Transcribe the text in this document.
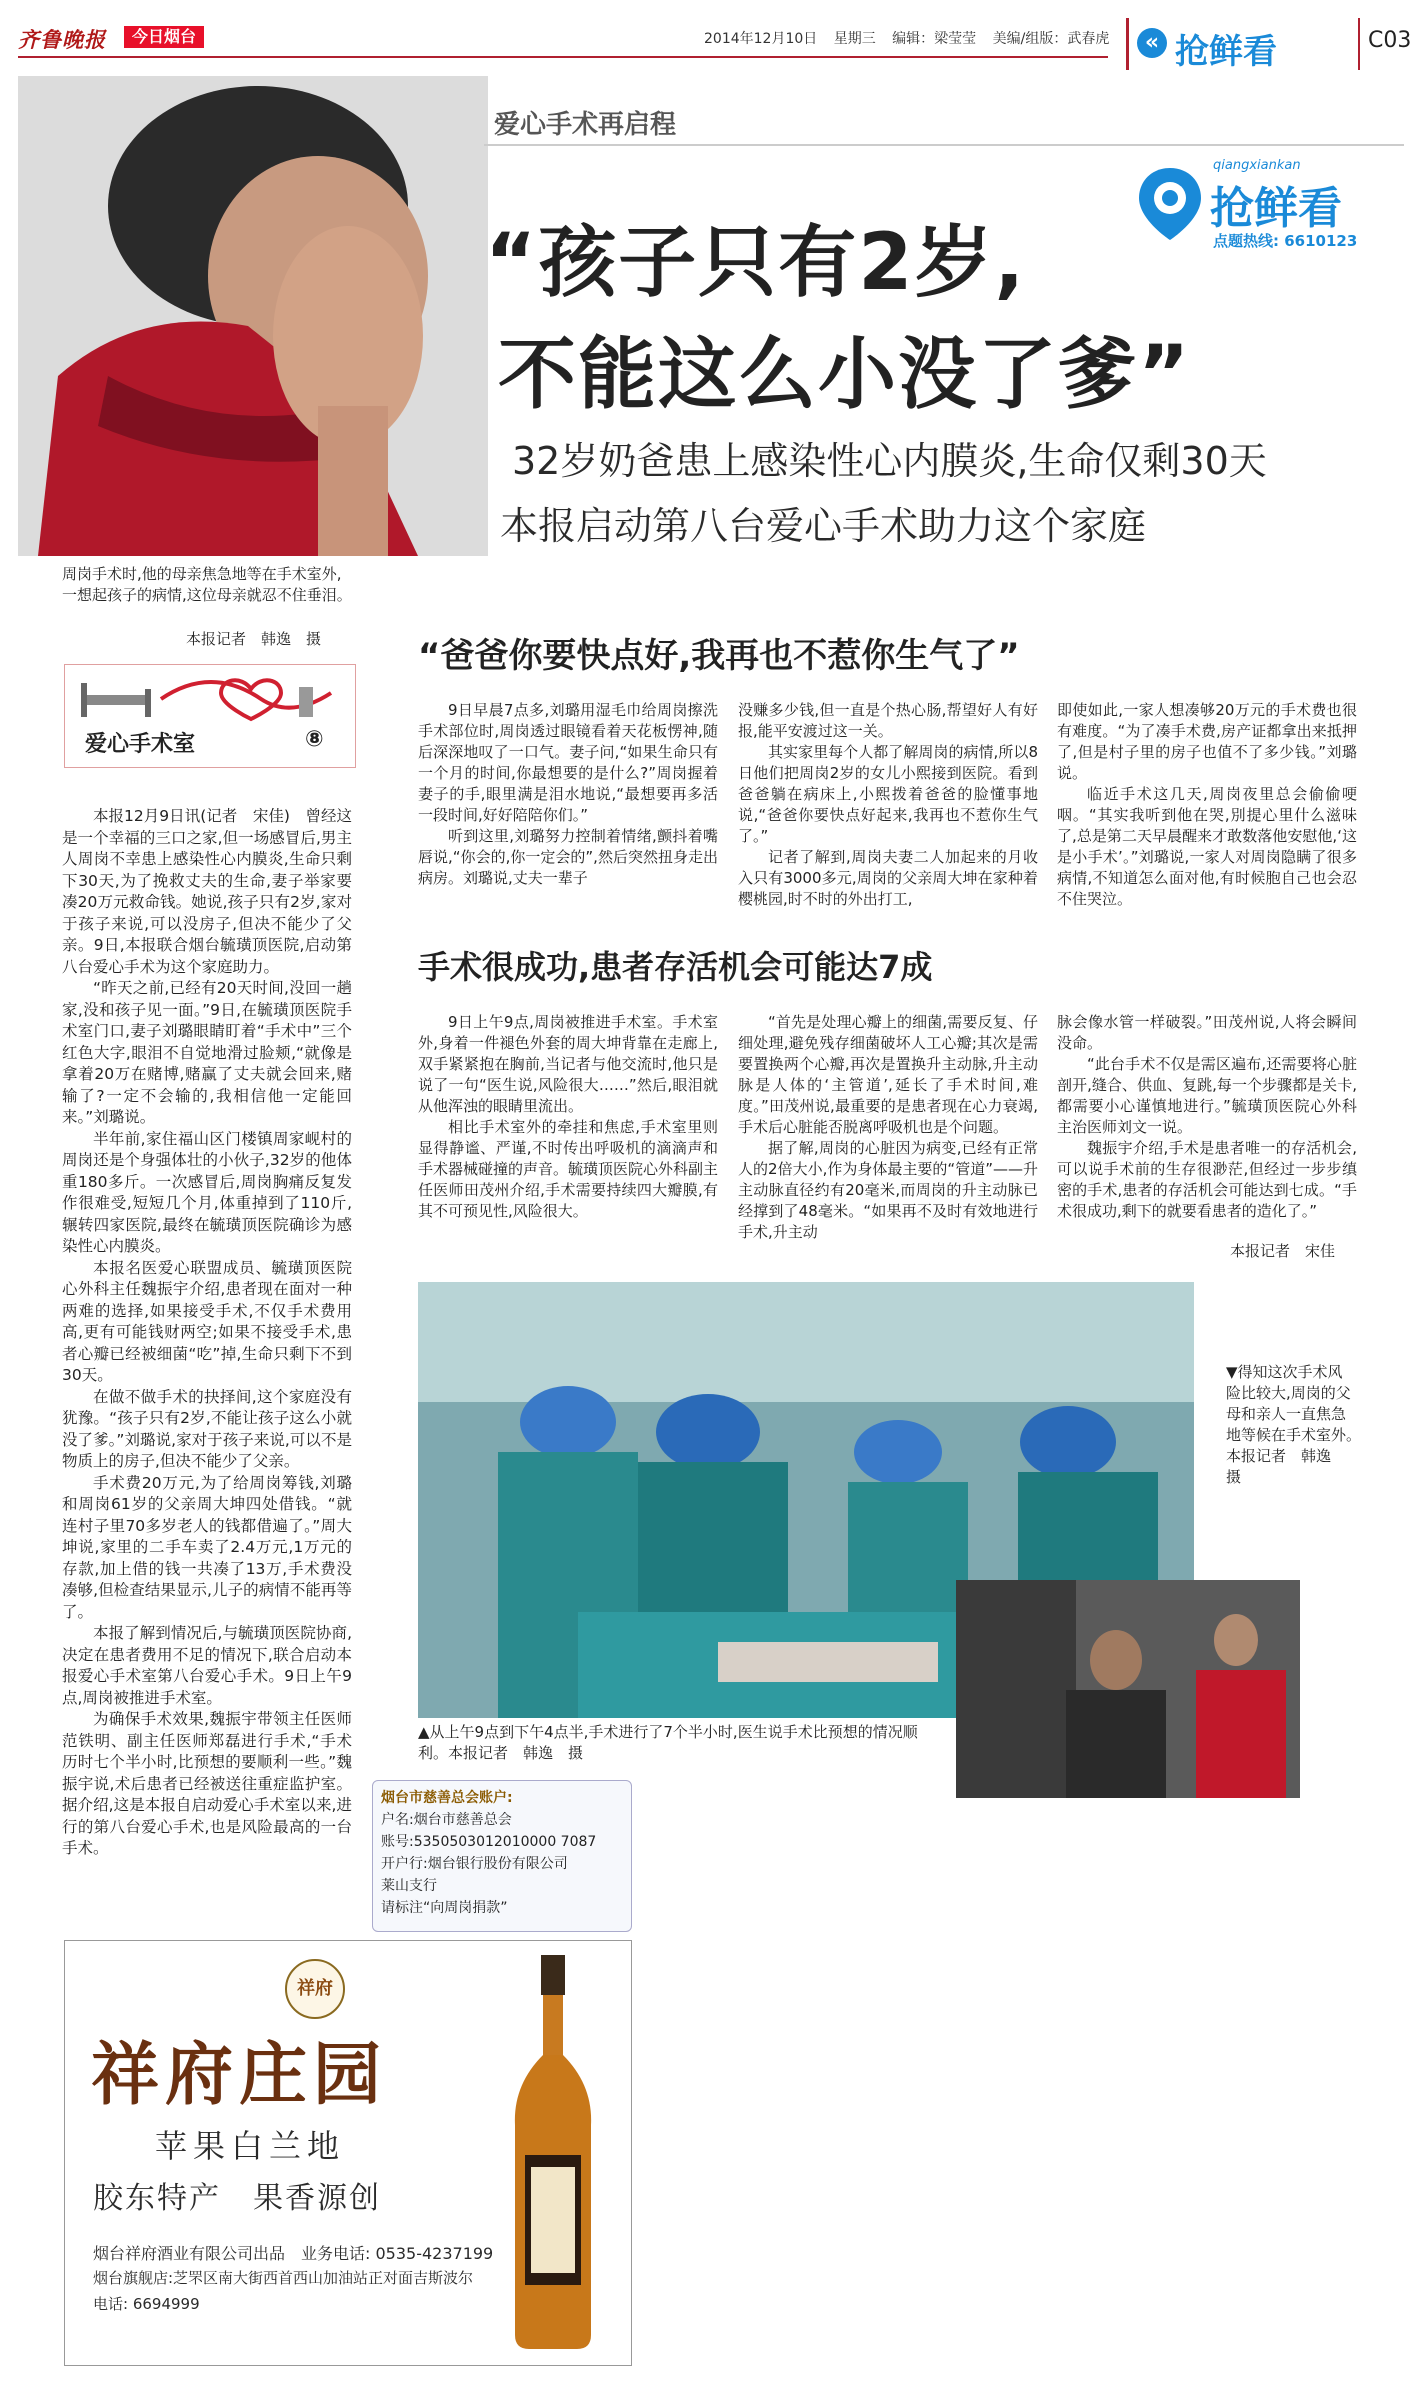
齐鲁晚报	今日烟台	2014年12月10日 星期三 编辑：梁莹莹 美编/组版：武春虎	« 抢鲜看	C03
爱心手术再启程
qiangxiankan
抢鲜看
点题热线: 6610123
“孩子只有2岁,
不能这么小没了爹”
32岁奶爸患上感染性心内膜炎,生命仅剩30天
本报启动第八台爱心手术助力这个家庭
周岗手术时,他的母亲焦急地等在手术室外,一想起孩子的病情,这位母亲就忍不住垂泪。
本报记者　韩逸　摄
爱心手术室	⑧

本报12月9日讯(记者　宋佳)　曾经这是一个幸福的三口之家,但一场感冒后,男主人周岗不幸患上感染性心内膜炎,生命只剩下30天,为了挽救丈夫的生命,妻子举家要凑20万元救命钱。她说,孩子只有2岁,家对于孩子来说,可以没房子,但决不能少了父亲。9日,本报联合烟台毓璜顶医院,启动第八台爱心手术为这个家庭助力。

“昨天之前,已经有20天时间,没回一趟家,没和孩子见一面。”9日,在毓璜顶医院手术室门口,妻子刘璐眼睛盯着“手术中”三个红色大字,眼泪不自觉地滑过脸颊,“就像是拿着20万在赌博,赌赢了丈夫就会回来,赌输了?一定不会输的,我相信他一定能回来。”刘璐说。

半年前,家住福山区门楼镇周家岘村的周岗还是个身强体壮的小伙子,32岁的他体重180多斤。一次感冒后,周岗胸痛反复发作很难受,短短几个月,体重掉到了110斤,辗转四家医院,最终在毓璜顶医院确诊为感染性心内膜炎。

本报名医爱心联盟成员、毓璜顶医院心外科主任魏振宇介绍,患者现在面对一种两难的选择,如果接受手术,不仅手术费用高,更有可能钱财两空;如果不接受手术,患者心瓣已经被细菌“吃”掉,生命只剩下不到30天。

在做不做手术的抉择间,这个家庭没有犹豫。“孩子只有2岁,不能让孩子这么小就没了爹。”刘璐说,家对于孩子来说,可以不是物质上的房子,但决不能少了父亲。

手术费20万元,为了给周岗筹钱,刘璐和周岗61岁的父亲周大坤四处借钱。“就连村子里70多岁老人的钱都借遍了。”周大坤说,家里的二手车卖了2.4万元,1万元的存款,加上借的钱一共凑了13万,手术费没凑够,但检查结果显示,儿子的病情不能再等了。

本报了解到情况后,与毓璜顶医院协商,决定在患者费用不足的情况下,联合启动本报爱心手术室第八台爱心手术。9日上午9点,周岗被推进手术室。

为确保手术效果,魏振宇带领主任医师范铁明、副主任医师郑磊进行手术,“手术历时七个半小时,比预想的要顺利一些。”魏振宇说,术后患者已经被送往重症监护室。据介绍,这是本报自启动爱心手术室以来,进行的第八台爱心手术,也是风险最高的一台手术。

“爸爸你要快点好,我再也不惹你生气了”

9日早晨7点多,刘璐用湿毛巾给周岗擦洗手术部位时,周岗透过眼镜看着天花板愣神,随后深深地叹了一口气。妻子问,“如果生命只有一个月的时间,你最想要的是什么?”周岗握着妻子的手,眼里满是泪水地说,“最想要再多活一段时间,好好陪陪你们。”

听到这里,刘璐努力控制着情绪,颤抖着嘴唇说,“你会的,你一定会的”,然后突然扭身走出病房。刘璐说,丈夫一辈子

没赚多少钱,但一直是个热心肠,帮望好人有好报,能平安渡过这一关。

其实家里每个人都了解周岗的病情,所以8日他们把周岗2岁的女儿小熙接到医院。看到爸爸躺在病床上,小熙拨着爸爸的脸懂事地说,“爸爸你要快点好起来,我再也不惹你生气了。”

记者了解到,周岗夫妻二人加起来的月收入只有3000多元,周岗的父亲周大坤在家种着樱桃园,时不时的外出打工,

即使如此,一家人想凑够20万元的手术费也很有难度。“为了凑手术费,房产证都拿出来抵押了,但是村子里的房子也值不了多少钱。”刘璐说。

临近手术这几天,周岗夜里总会偷偷哽咽。“其实我听到他在哭,別提心里什么滋味了,总是第二天早晨醒来才敢数落他安慰他,‘这是小手术’。”刘璐说,一家人对周岗隐瞒了很多病情,不知道怎么面对他,有时候胞自己也会忍不住哭泣。

手术很成功,患者存活机会可能达7成

9日上午9点,周岗被推进手术室。手术室外,身着一件褪色外套的周大坤背靠在走廊上,双手紧紧抱在胸前,当记者与他交流时,他只是说了一句“医生说,风险很大……”然后,眼泪就从他浑浊的眼睛里流出。

相比手术室外的牵挂和焦虑,手术室里则显得静谧、严谨,不时传出呼吸机的滴滴声和手术器械碰撞的声音。毓璜顶医院心外科副主任医师田茂州介绍,手术需要持续四大瓣膜,有其不可预见性,风险很大。

“首先是处理心瓣上的细菌,需要反复、仔细处理,避免残存细菌破坏人工心瓣;其次是需要置换两个心瓣,再次是置换升主动脉,升主动脉是人体的‘主管道’,延长了手术时间,难度。”田茂州说,最重要的是患者现在心力衰竭,手术后心脏能否脱离呼吸机也是个问题。

据了解,周岗的心脏因为病变,已经有正常人的2倍大小,作为身体最主要的“管道”——升主动脉直径约有20毫米,而周岗的升主动脉已经撑到了48毫米。“如果再不及时有效地进行手术,升主动

脉会像水管一样破裂。”田茂州说,人将会瞬间没命。

“此台手术不仅是需区遍布,还需要将心脏剖开,缝合、供血、复跳,每一个步骤都是关卡,都需要小心谨慎地进行。”毓璜顶医院心外科主治医师刘文一说。

魏振宇介绍,手术是患者唯一的存活机会,可以说手术前的生存很渺茫,但经过一步步缜密的手术,患者的存活机会可能达到七成。“手术很成功,剩下的就要看患者的造化了。”

本报记者　宋佳
▲从上午9点到下午4点半,手术进行了7个半小时,医生说手术比预想的情况顺利。本报记者　韩逸　摄
▼得知这次手术风险比较大,周岗的父母和亲人一直焦急地等候在手术室外。　本报记者　韩逸　摄
烟台市慈善总会账户:
户名:烟台市慈善总会
账号:5350503012010000 7087
开户行:烟台银行股份有限公司
莱山支行
请标注“向周岗捐款”
祥府
祥府庄园
苹果白兰地
胶东特产　果香源创
烟台祥府酒业有限公司出品　业务电话: 0535-4237199
烟台旗舰店:芝罘区南大街西首西山加油站正对面吉斯波尔
电话: 6694999
